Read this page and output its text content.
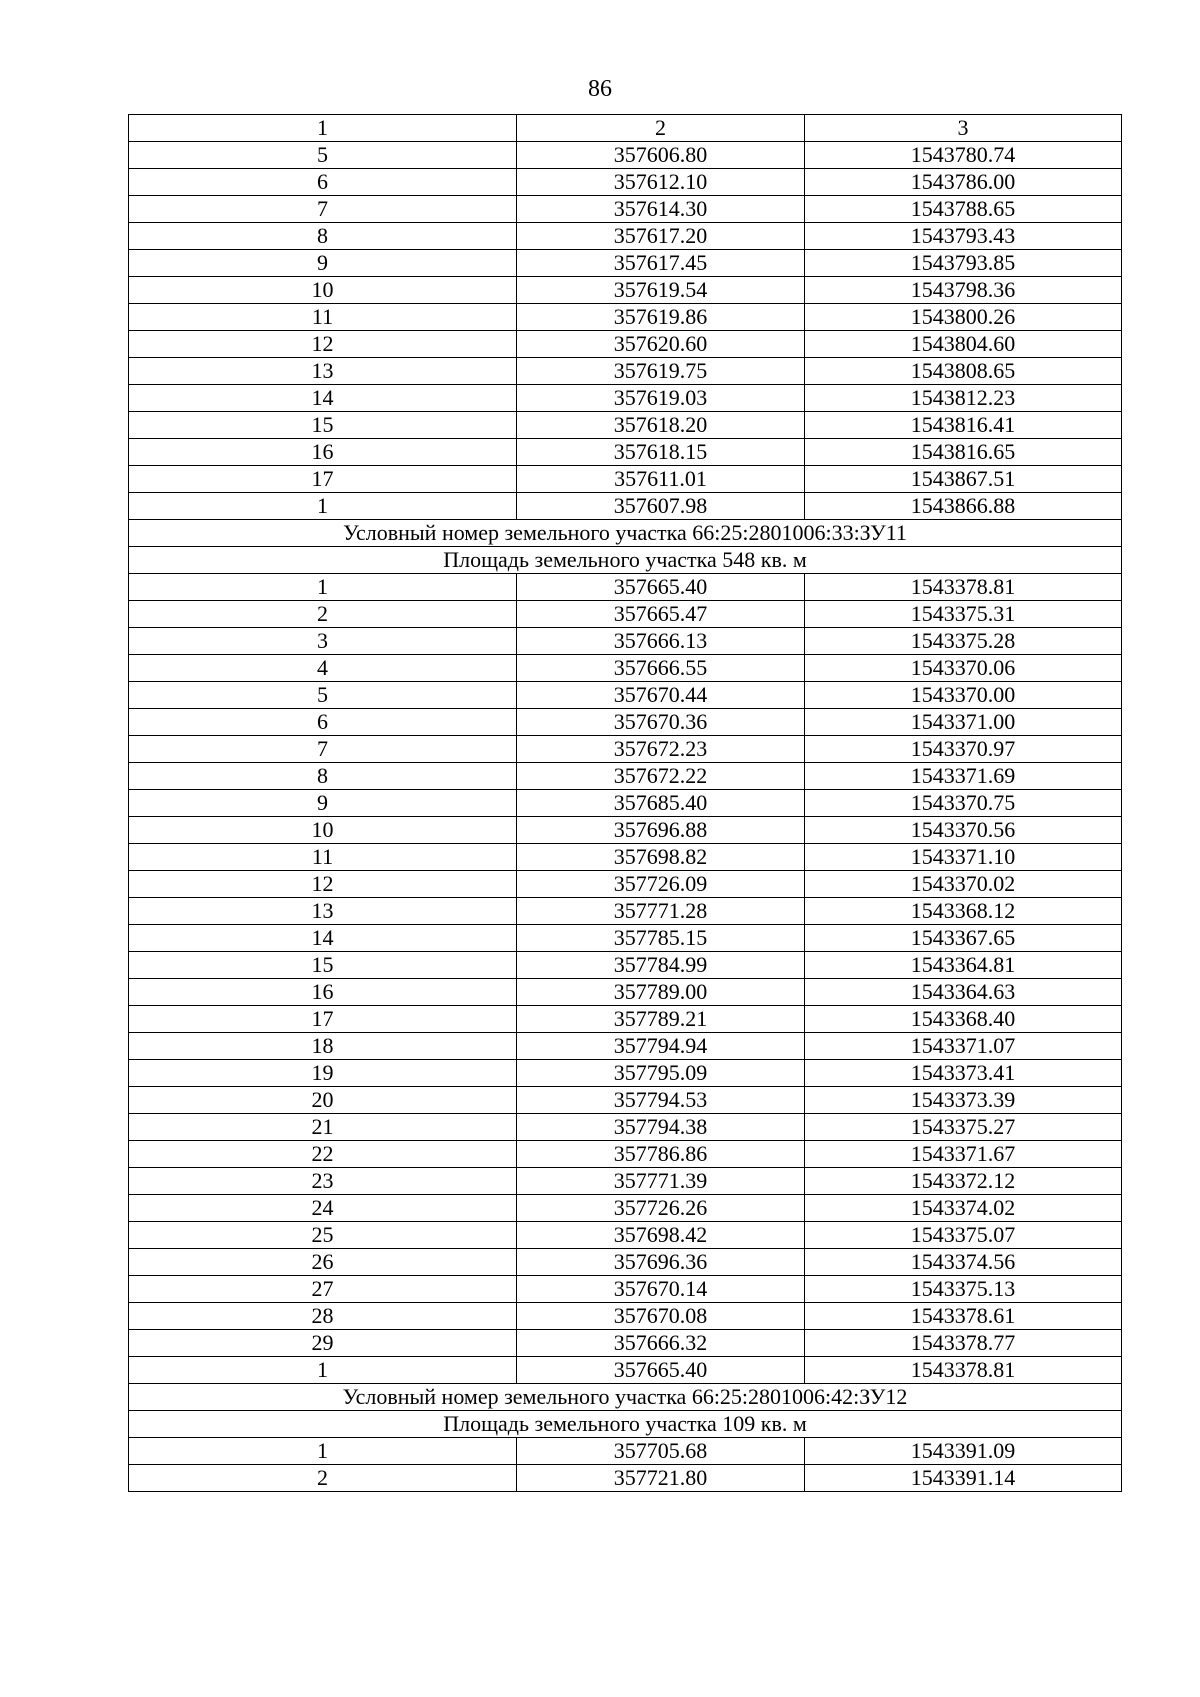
86
1	2	3
5	357606.80	1543780.74
6	357612.10	1543786.00
7	357614.30	1543788.65
8	357617.20	1543793.43
9	357617.45	1543793.85
10	357619.54	1543798.36
11	357619.86	1543800.26
12	357620.60	1543804.60
13	357619.75	1543808.65
14	357619.03	1543812.23
15	357618.20	1543816.41
16	357618.15	1543816.65
17	357611.01	1543867.51
1	357607.98	1543866.88
Условный номер земельного участка 66:25:2801006:33:ЗУ11		
Площадь земельного участка 548 кв. м		
1	357665.40	1543378.81
2	357665.47	1543375.31
3	357666.13	1543375.28
4	357666.55	1543370.06
5	357670.44	1543370.00
6	357670.36	1543371.00
7	357672.23	1543370.97
8	357672.22	1543371.69
9	357685.40	1543370.75
10	357696.88	1543370.56
11	357698.82	1543371.10
12	357726.09	1543370.02
13	357771.28	1543368.12
14	357785.15	1543367.65
15	357784.99	1543364.81
16	357789.00	1543364.63
17	357789.21	1543368.40
18	357794.94	1543371.07
19	357795.09	1543373.41
20	357794.53	1543373.39
21	357794.38	1543375.27
22	357786.86	1543371.67
23	357771.39	1543372.12
24	357726.26	1543374.02
25	357698.42	1543375.07
26	357696.36	1543374.56
27	357670.14	1543375.13
28	357670.08	1543378.61
29	357666.32	1543378.77
1	357665.40	1543378.81
Условный номер земельного участка 66:25:2801006:42:ЗУ12		
Площадь земельного участка 109 кв. м		
1	357705.68	1543391.09
2	357721.80	1543391.14
